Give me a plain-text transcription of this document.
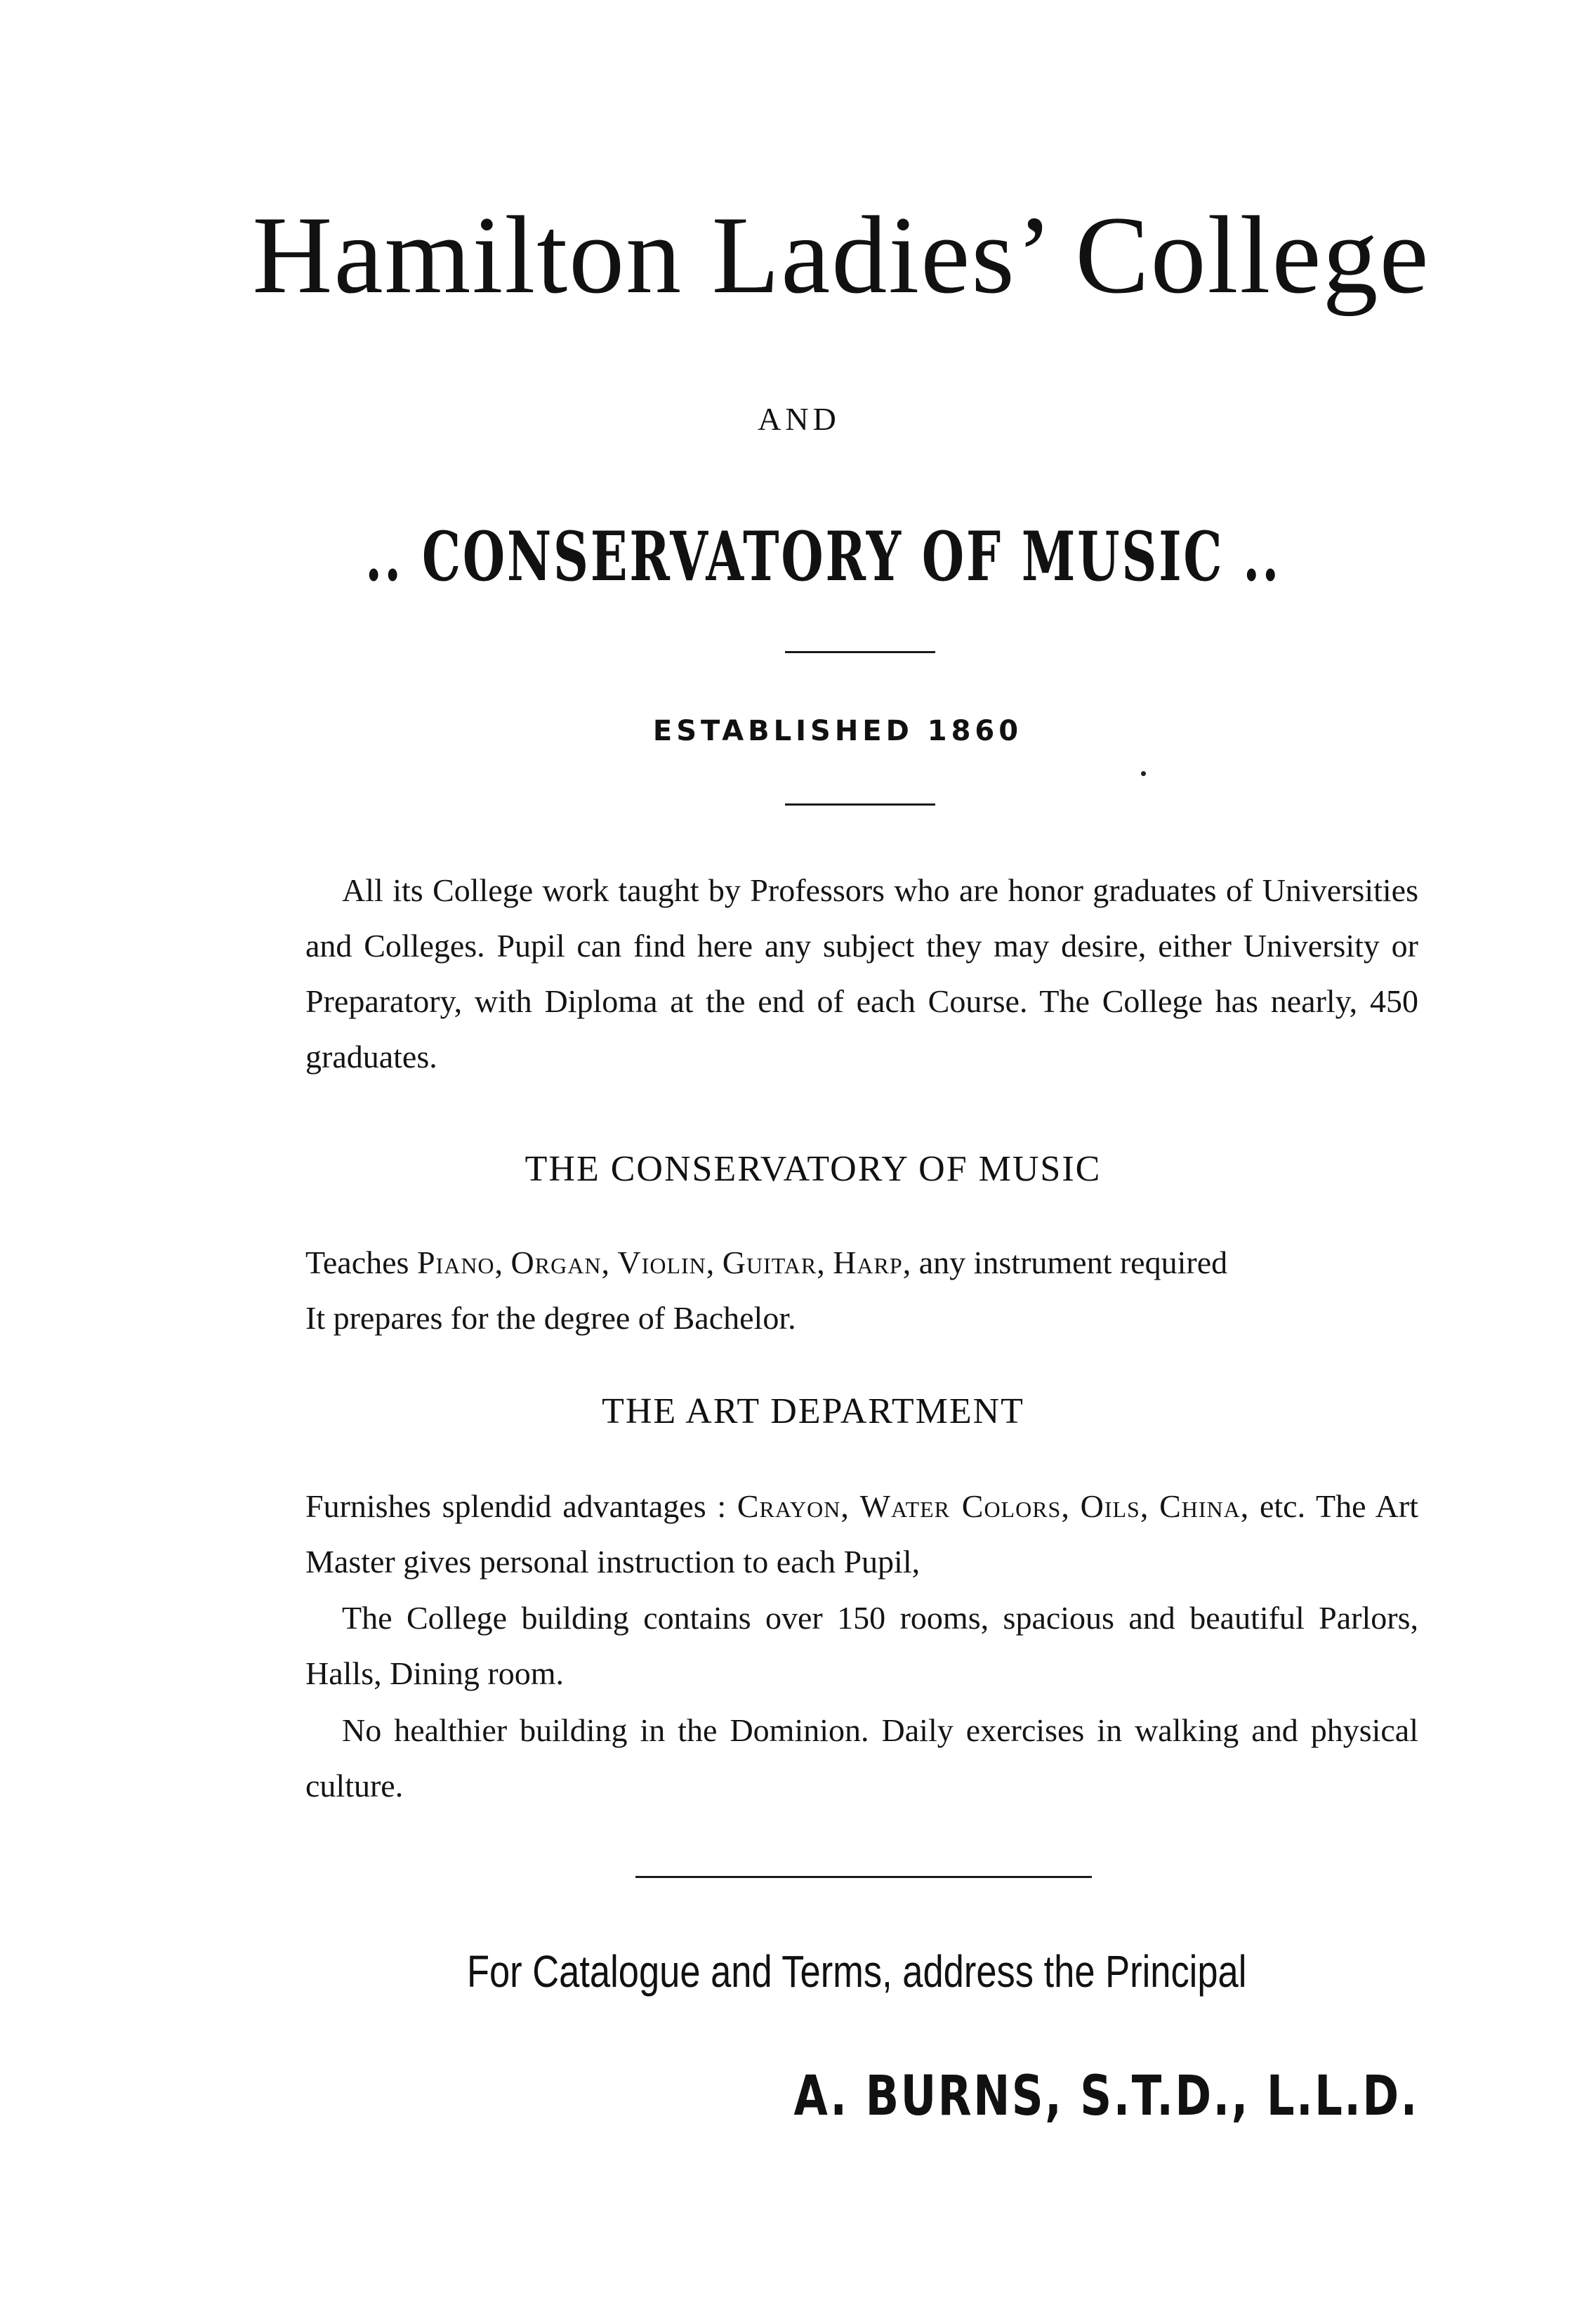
Hamilton Ladies’ College
AND
.. CONSERVATORY OF MUSIC ..
ESTABLISHED 1860
All its College work taught by Professors who are honor graduates of Universities and Colleges. Pupil can find here any subject they may desire, either University or Preparatory, with Diploma at the end of each Course. The College has nearly, 450 graduates.
THE CONSERVATORY OF MUSIC
Teaches Piano, Organ, Violin, Guitar, Harp, any instrument required
It prepares for the degree of Bachelor.
THE ART DEPARTMENT
Furnishes splendid advantages : Crayon, Water Colors, Oils, China, etc. The Art Master gives personal instruction to each Pupil,
The College building contains over 150 rooms, spacious and beautiful Parlors, Halls, Dining room.
No healthier building in the Dominion. Daily exercises in walking and physical culture.
For Catalogue and Terms, address the Principal
A. BURNS, S.T.D., L.L.D.
